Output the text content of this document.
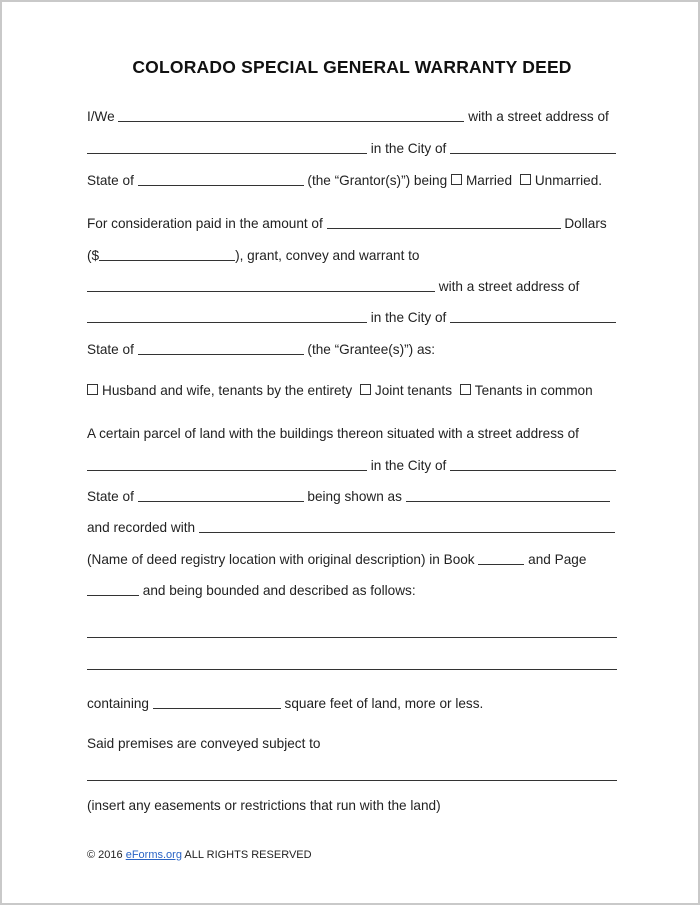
COLORADO SPECIAL GENERAL WARRANTY DEED
I/We	with a street address of
in the City of
State of	(the “Grantor(s)”) being Married Unmarried.
For consideration paid in the amount of	Dollars
($	), grant, convey and warrant to
with a street address of
in the City of
State of	(the “Grantee(s)”) as:
Husband and wife, tenants by the entirety Joint tenants Tenants in common
A certain parcel of land with the buildings thereon situated with a street address of
in the City of
State of	being shown as
and recorded with
(Name of deed registry location with original description) in Book	and Page
and being bounded and described as follows:
containing	square feet of land, more or less.
Said premises are conveyed subject to
(insert any easements or restrictions that run with the land)
© 2016 eForms.org ALL RIGHTS RESERVED
